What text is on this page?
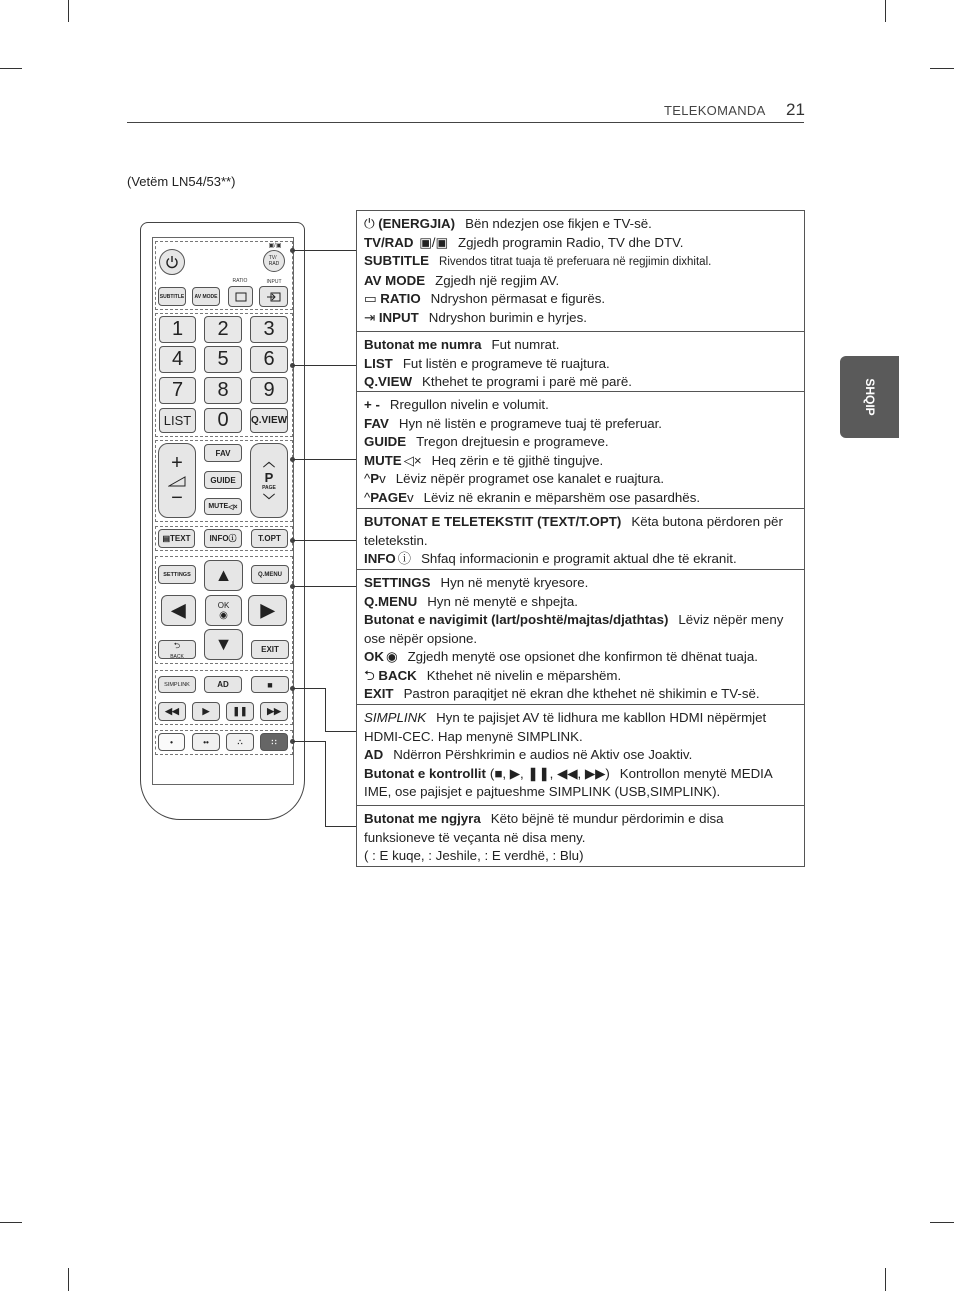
TELEKOMANDA 21
SHQIP
(Vetëm LN54/53**)
TV/
RAD
▣/▣
RATIO	INPUT
SUBTITLE	AV MODE
1	2	3
4	5	6
7	8	9
LIST	0	Q.VIEW
+
−
FAV
GUIDE
MUTE ◁×
︿
P
PAGE
﹀
▤ TEXT INFO ⓘ	T.OPT
SETTINGS	Q.MENU
▲
◀	OK
◉ ▶
▼
⮌
BACK
EXIT
SIMPLINK	AD	■
◀◀	▶	❚❚ ▶▶
•	••	∴	∷
⏻ (ENERGJIA) Bën ndezjen ose fikjen e TV-së.
TV/RAD ▣/▣ Zgjedh programin Radio, TV dhe DTV.
SUBTITLE Rivendos titrat tuaja të preferuara në regjimin dixhital.
AV MODE Zgjedh një regjim AV.
▭ RATIO Ndryshon përmasat e figurës.
⇥ INPUT Ndryshon burimin e hyrjes.
Butonat me numra Fut numrat.
LIST Fut listën e programeve të ruajtura.
Q.VIEW Kthehet te programi i parë më parë.
+ - Rregullon nivelin e volumit.
FAV Hyn në listën e programeve tuaj të preferuar.
GUIDE Tregon drejtuesin e programeve.
MUTE ◁× Heq zërin e të gjithë tingujve.
^Pv Lëviz nëpër programet ose kanalet e ruajtura.
^PAGEv Lëviz në ekranin e mëparshëm ose pasardhës.
BUTONAT E TELETEKSTIT (TEXT/T.OPT) Këta butona përdoren për teletekstin.
INFO ⓘ Shfaq informacionin e programit aktual dhe të ekranit.
SETTINGS Hyn në menytë kryesore.
Q.MENU Hyn në menytë e shpejta.
Butonat e navigimit (lart/poshtë/majtas/djathtas) Lëviz nëpër meny ose nëpër opsione.
OK ◉ Zgjedh menytë ose opsionet dhe konfirmon të dhënat tuaja.
⮌ BACK Kthehet në nivelin e mëparshëm.
EXIT Pastron paraqitjet në ekran dhe kthehet në shikimin e TV-së.
SIMPLINK Hyn te pajisjet AV të lidhura me kabllon HDMI nëpërmjet HDMI-CEC. Hap menynë SIMPLINK.
AD Ndërron Përshkrimin e audios në Aktiv ose Joaktiv.
Butonat e kontrollit (■, ▶, ❚❚, ◀◀, ▶▶) Kontrollon menytë MEDIA IME, ose pajisjet e pajtueshme SIMPLINK (USB,SIMPLINK).
Butonat me ngjyra Këto bëjnë të mundur përdorimin e disa funksioneve të veçanta në disa meny.
( : E kuqe, : Jeshile, : E verdhë, : Blu)
